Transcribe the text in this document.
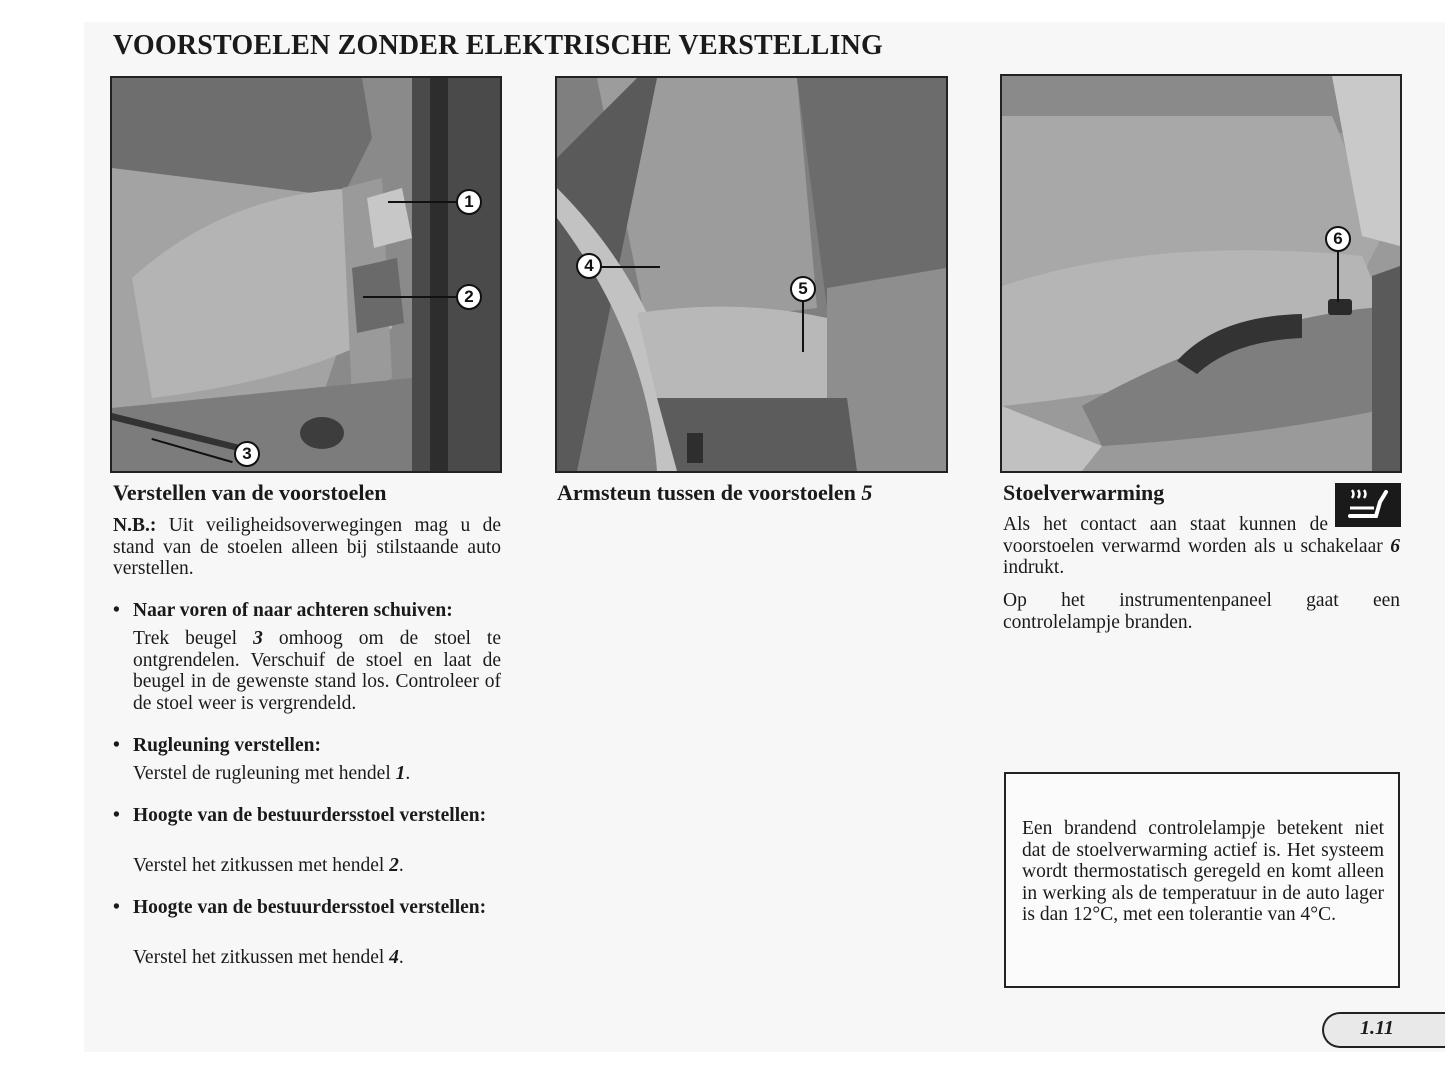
VOORSTOELEN ZONDER ELEKTRISCHE VERSTELLING
1
2
3
4
5
6
Verstellen van de voorstoelen
N.B.: Uit veiligheidsoverwegingen mag u de stand van de stoelen alleen bij stilstaande auto verstellen.
• Naar voren of naar achteren schuiven:
Trek beugel 3 omhoog om de stoel te ontgrendelen. Verschuif de stoel en laat de beugel in de gewenste stand los. Controleer of de stoel weer is vergrendeld.
• Rugleuning verstellen:
Verstel de rugleuning met hendel 1.
• Hoogte van de bestuurdersstoel verstellen:
Verstel het zitkussen met hendel 2.
• Hoogte van de bestuurdersstoel verstellen:
Verstel het zitkussen met hendel 4.
Armsteun tussen de voorstoelen 5	Stoelverwarming
Als het contact aan staat kunnen de voorstoelen verwarmd worden als u schakelaar 6 indrukt.
Op het instrumentenpaneel gaat een controlelampje branden.
Een brandend controlelampje betekent niet dat de stoelverwarming actief is. Het systeem wordt thermostatisch geregeld en komt alleen in werking als de temperatuur in de auto lager is dan 12°C, met een tolerantie van 4°C.
1.11
